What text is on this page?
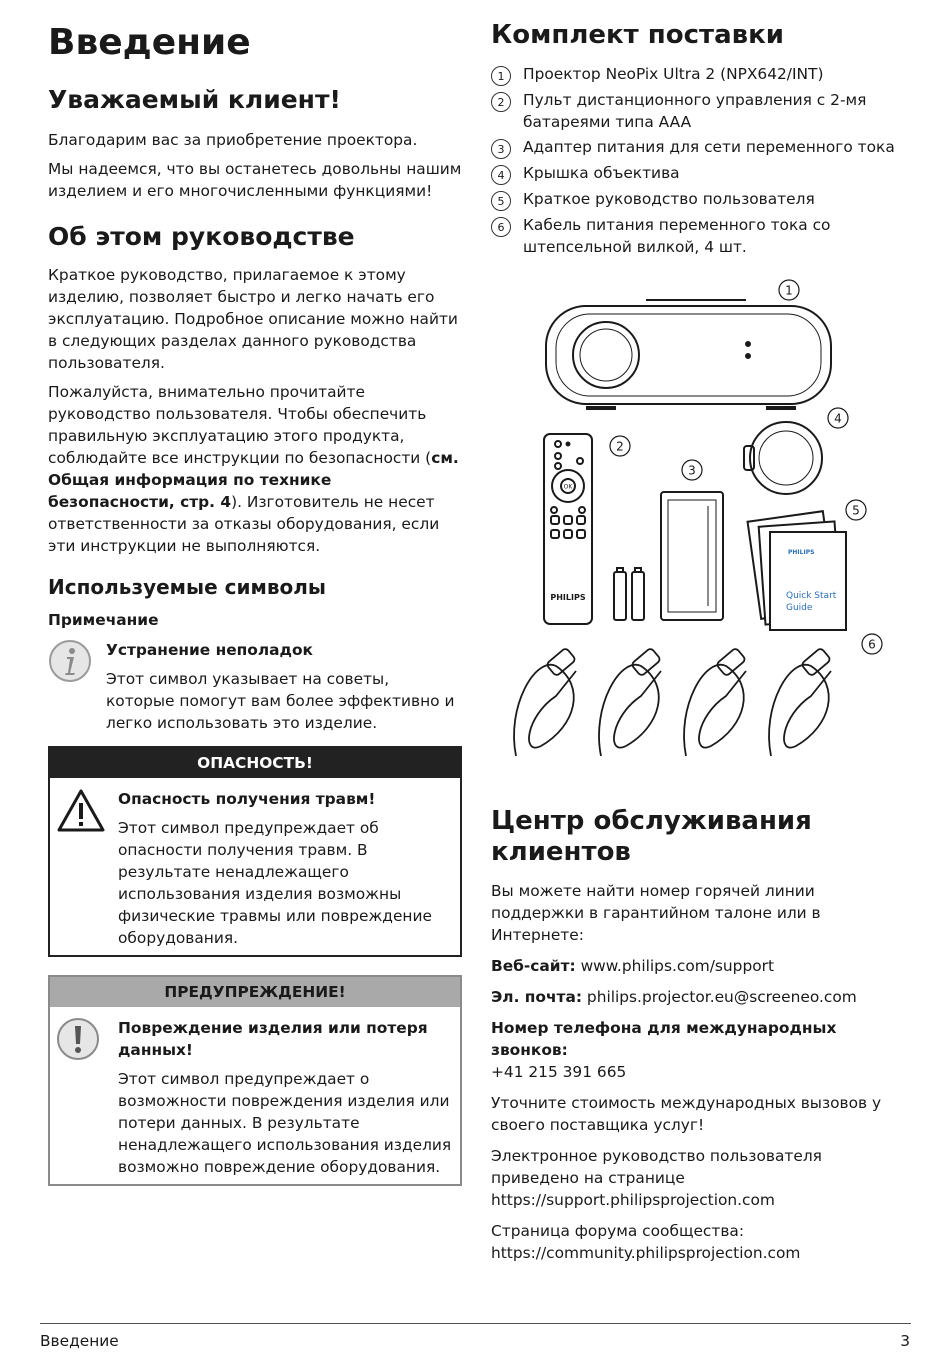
Введение
Уважаемый клиент!

Благодарим вас за приобретение проектора.

Мы надеемся, что вы останетесь довольны нашим изделием и его многочисленными функциями!

Об этом руководстве

Краткое руководство, прилагаемое к этому изделию, позволяет быстро и легко начать его эксплуатацию. Подробное описание можно найти в следующих разделах данного руководства пользователя.

Пожалуйста, внимательно прочитайте руководство пользователя. Чтобы обеспечить правильную эксплуатацию этого продукта, соблюдайте все инструкции по безопасности (см. Общая информация по технике безопасности, стр. 4). Изготовитель не несет ответственности за отказы оборудования, если эти инструкции не выполняются.

Используемые символы
Примечание

Устранение неполадок

Этот символ указывает на советы, которые помогут вам более эффективно и легко использовать это изделие.

ОПАСНОСТЬ!

Опасность получения травм!

Этот символ предупреждает об опасности получения травм. В результате ненадлежащего использования изделия возможны физические травмы или повреждение оборудования.

ПРЕДУПРЕЖДЕНИЕ!

Повреждение изделия или потеря данных!

Этот символ предупреждает о возможности повреждения изделия или потери данных. В результате ненадлежащего использования изделия возможно повреждение оборудования.

Комплект поставки
1	Проектор NeoPix Ultra 2 (NPX642/INT)
2	Пульт дистанционного управления с 2-мя батареями типа AAA
3	Адаптер питания для сети переменного тока
4	Крышка объектива
5	Краткое руководство пользователя
6	Кабель питания переменного тока со штепсельной вилкой, 4 шт.
1
2
3
4
5
6
OK
PHILIPS
PHILIPS
Quick Start
Guide
Центр обслуживания клиентов

Вы можете найти номер горячей линии поддержки в гарантийном талоне или в Интернете:

Веб-сайт: www.philips.com/support

Эл. почта: philips.projector.eu@screeneo.com

Номер телефона для международных звонков:
+41 215 391 665

Уточните стоимость международных вызовов у своего поставщика услуг!

Электронное руководство пользователя приведено на странице
https://support.philipsprojection.com

Страница форума сообщества:
https://community.philipsprojection.com

Введение	3
